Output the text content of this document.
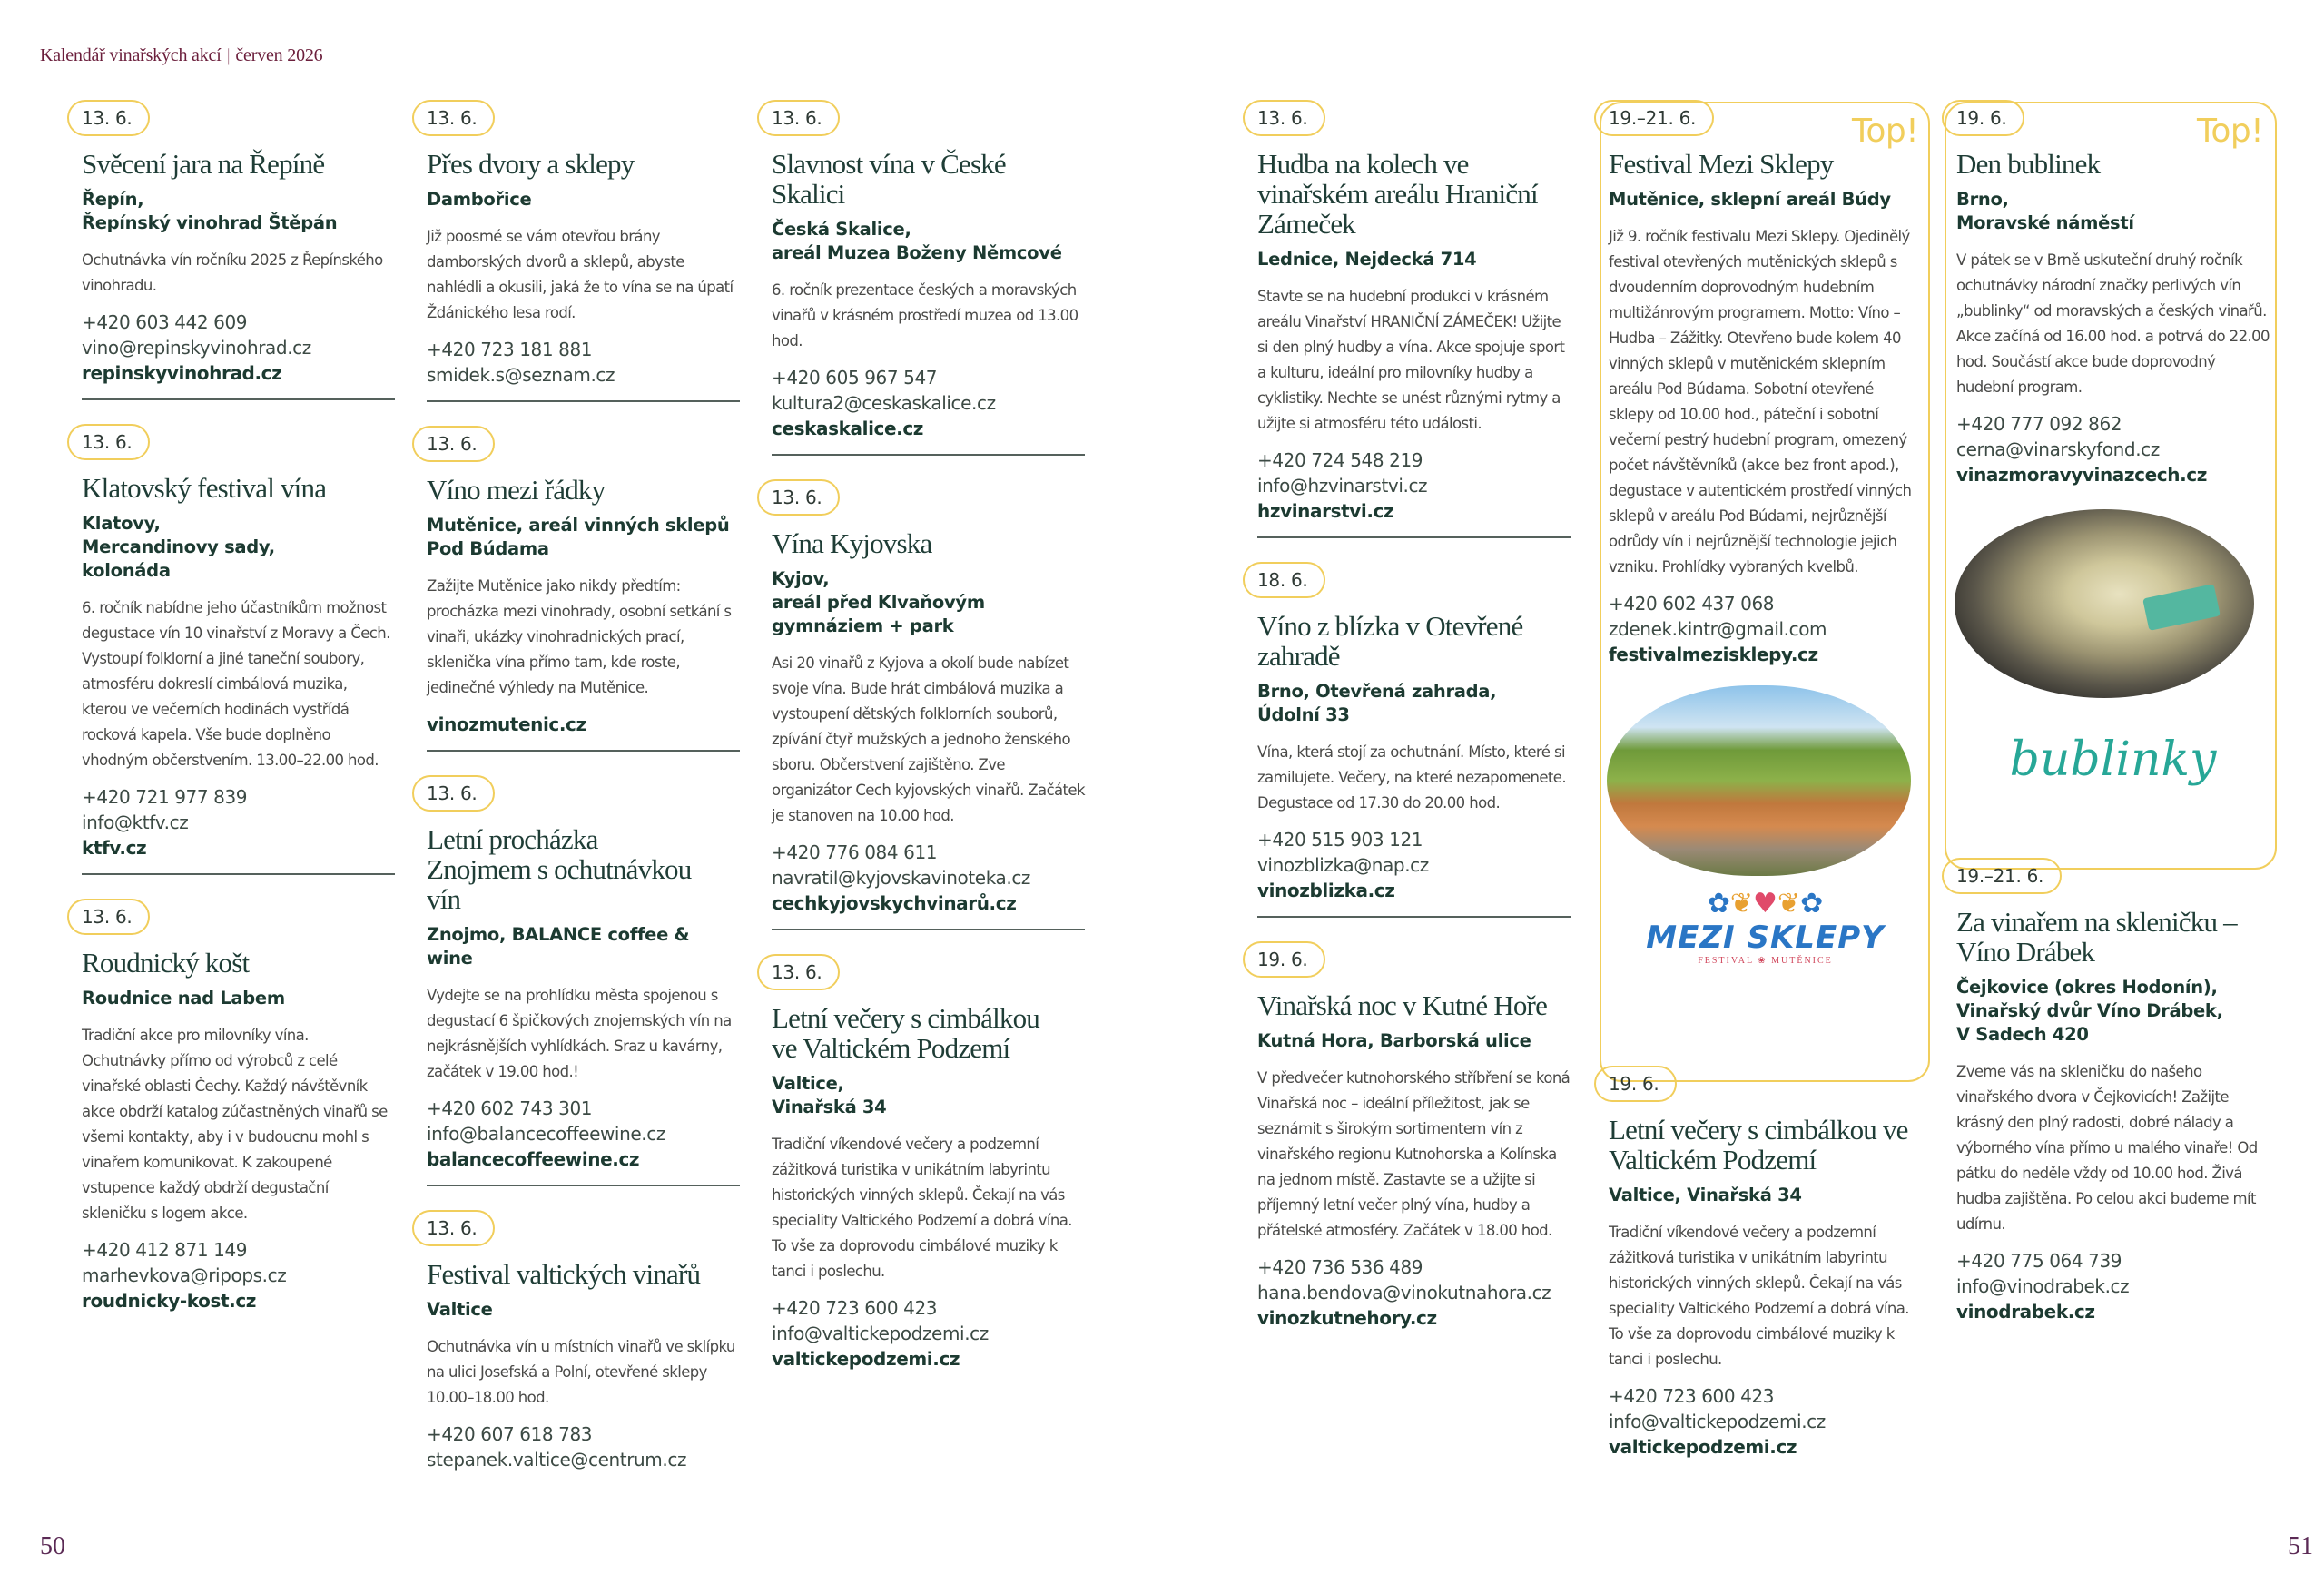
Kalendář vinařských akcí | červen 2026
13. 6.
Svěcení jara na Řepíně
Řepín,
Řepínský vinohrad Štěpán
Ochutnávka vín ročníku 2025 z Řepínského vinohradu.
+420 603 442 609
vino@repinskyvinohrad.cz
repinskyvinohrad.cz
13. 6.
Klatovský festival vína
Klatovy,
Mercandinovy sady,
kolonáda
6. ročník nabídne jeho účastníkům možnost degustace vín 10 vinařství z Moravy a Čech. Vystoupí folklorní a jiné taneční soubory, atmosféru dokreslí cimbálová muzika, kterou ve večerních hodinách vystřídá rocková kapela. Vše bude doplněno vhodným občerstvením. 13.00–22.00 hod.
+420 721 977 839
info@ktfv.cz
ktfv.cz
13. 6.
Roudnický košt
Roudnice nad Labem
Tradiční akce pro milovníky vína. Ochutnávky přímo od výrobců z celé vinařské oblasti Čechy. Každý návštěvník akce obdrží katalog zúčastněných vinařů se všemi kontakty, aby i v budoucnu mohl s vinařem komunikovat. K zakoupené vstupence každý obdrží degustační skleničku s logem akce.
+420 412 871 149
marhevkova@ripops.cz
roudnicky-kost.cz
13. 6.
Přes dvory a sklepy
Dambořice
Již poosmé se vám otevřou brány damborských dvorů a sklepů, abyste nahlédli a okusili, jaká že to vína se na úpatí Ždánického lesa rodí.
+420 723 181 881
smidek.s@seznam.cz
13. 6.
Víno mezi řádky
Mutěnice, areál vinných sklepů
Pod Búdama
Zažijte Mutěnice jako nikdy předtím: procházka mezi vinohrady, osobní setkání s vinaři, ukázky vinohradnických prací, sklenička vína přímo tam, kde roste, jedinečné výhledy na Mutěnice.
vinozmutenic.cz
13. 6.
Letní procházka Znojmem s ochutnávkou vín
Znojmo, BALANCE coffee & wine
Vydejte se na prohlídku města spojenou s degustací 6 špičkových znojemských vín na nejkrásnějších vyhlídkách. Sraz u kavárny, začátek v 19.00 hod.!
+420 602 743 301
info@balancecoffeewine.cz
balancecoffeewine.cz
13. 6.
Festival valtických vinařů
Valtice
Ochutnávka vín u místních vinařů ve sklípku na ulici Josefská a Polní, otevřené sklepy 10.00–18.00 hod.
+420 607 618 783
stepanek.valtice@centrum.cz
13. 6.
Slavnost vína v České Skalici
Česká Skalice,
areál Muzea Boženy Němcové
6. ročník prezentace českých a moravských vinařů v krásném prostředí muzea od 13.00 hod.
+420 605 967 547
kultura2@ceskaskalice.cz
ceskaskalice.cz
13. 6.
Vína Kyjovska
Kyjov,
areál před Klvaňovým
gymnáziem + park
Asi 20 vinařů z Kyjova a okolí bude nabízet svoje vína. Bude hrát cimbálová muzika a vystoupení dětských folklorních souborů, zpívání čtyř mužských a jednoho ženského sboru. Občerstvení zajištěno. Zve organizátor Cech kyjovských vinařů. Začátek je stanoven na 10.00 hod.
+420 776 084 611
navratil@kyjovskavinoteka.cz
cechkyjovskychvinarů.cz
13. 6.
Letní večery s cimbálkou ve Valtickém Podzemí
Valtice,
Vinařská 34
Tradiční víkendové večery a podzemní zážitková turistika v unikátním labyrintu historických vinných sklepů. Čekají na vás speciality Valtického Podzemí a dobrá vína. To vše za doprovodu cimbálové muziky k tanci i poslechu.
+420 723 600 423
info@valtickepodzemi.cz
valtickepodzemi.cz
13. 6.
Hudba na kolech ve vinařském areálu Hraniční Zámeček
Lednice, Nejdecká 714
Stavte se na hudební produkci v krásném areálu Vinařství HRANIČNÍ ZÁMEČEK! Užijte si den plný hudby a vína. Akce spojuje sport a kulturu, ideální pro milovníky hudby a cyklistiky. Nechte se unést různými rytmy a užijte si atmosféru této události.
+420 724 548 219
info@hzvinarstvi.cz
hzvinarstvi.cz
18. 6.
Víno z blízka v Otevřené zahradě
Brno, Otevřená zahrada,
Údolní 33
Vína, která stojí za ochutnání. Místo, které si zamilujete. Večery, na které nezapomenete. Degustace od 17.30 do 20.00 hod.
+420 515 903 121
vinozblizka@nap.cz
vinozblizka.cz
19. 6.
Vinařská noc v Kutné Hoře
Kutná Hora, Barborská ulice
V předvečer kutnohorského stříbření se koná Vinařská noc – ideální příležitost, jak se seznámit s širokým sortimentem vín z vinařského regionu Kutnohorska a Kolínska na jednom místě. Zastavte se a užijte si příjemný letní večer plný vína, hudby a přátelské atmosféry. Začátek v 18.00 hod.
+420 736 536 489
hana.bendova@vinokutnahora.cz
vinozkutnehory.cz
Top!
19.–21. 6.
Festival Mezi Sklepy
Mutěnice, sklepní areál Búdy
Již 9. ročník festivalu Mezi Sklepy. Ojedinělý festival otevřených mutěnických sklepů s dvoudenním doprovodným hudebním multižánrovým programem. Motto: Víno – Hudba – Zážitky. Otevřeno bude kolem 40 vinných sklepů v mutěnickém sklepním areálu Pod Búdama. Sobotní otevřené sklepy od 10.00 hod., páteční i sobotní večerní pestrý hudební program, omezený počet návštěvníků (akce bez front apod.), degustace v autentickém prostředí vinných sklepů v areálu Pod Búdami, nejrůznější odrůdy vín i nejrůznější technologie jejich vzniku. Prohlídky vybraných kvelbů.
+420 602 437 068
zdenek.kintr@gmail.com
festivalmezisklepy.cz
✿❦♥❦✿
MEZI SKLEPY
FESTIVAL ❀ MUTĚNICE
19. 6.
Letní večery s cimbálkou ve Valtickém Podzemí
Valtice, Vinařská 34
Tradiční víkendové večery a podzemní zážitková turistika v unikátním labyrintu historických vinných sklepů. Čekají na vás speciality Valtického Podzemí a dobrá vína. To vše za doprovodu cimbálové muziky k tanci i poslechu.
+420 723 600 423
info@valtickepodzemi.cz
valtickepodzemi.cz
Top!
19. 6.
Den bublinek
Brno,
Moravské náměstí
V pátek se v Brně uskuteční druhý ročník ochutnávky národní značky perlivých vín „bublinky“ od moravských a českých vinařů. Akce začíná od 16.00 hod. a potrvá do 22.00 hod. Součástí akce bude doprovodný hudební program.
+420 777 092 862
cerna@vinarskyfond.cz
vinazmoravyvinazcech.cz
bublinky
19.–21. 6.
Za vinařem na skleničku – Víno Drábek
Čejkovice (okres Hodonín),
Vinařský dvůr Víno Drábek,
V Sadech 420
Zveme vás na skleničku do našeho vinařského dvora v Čejkovicích! Zažijte krásný den plný radosti, dobré nálady a výborného vína přímo u malého vinaře! Od pátku do neděle vždy od 10.00 hod. Živá hudba zajištěna. Po celou akci budeme mít udírnu.
+420 775 064 739
info@vinodrabek.cz
vinodrabek.cz
50	51
